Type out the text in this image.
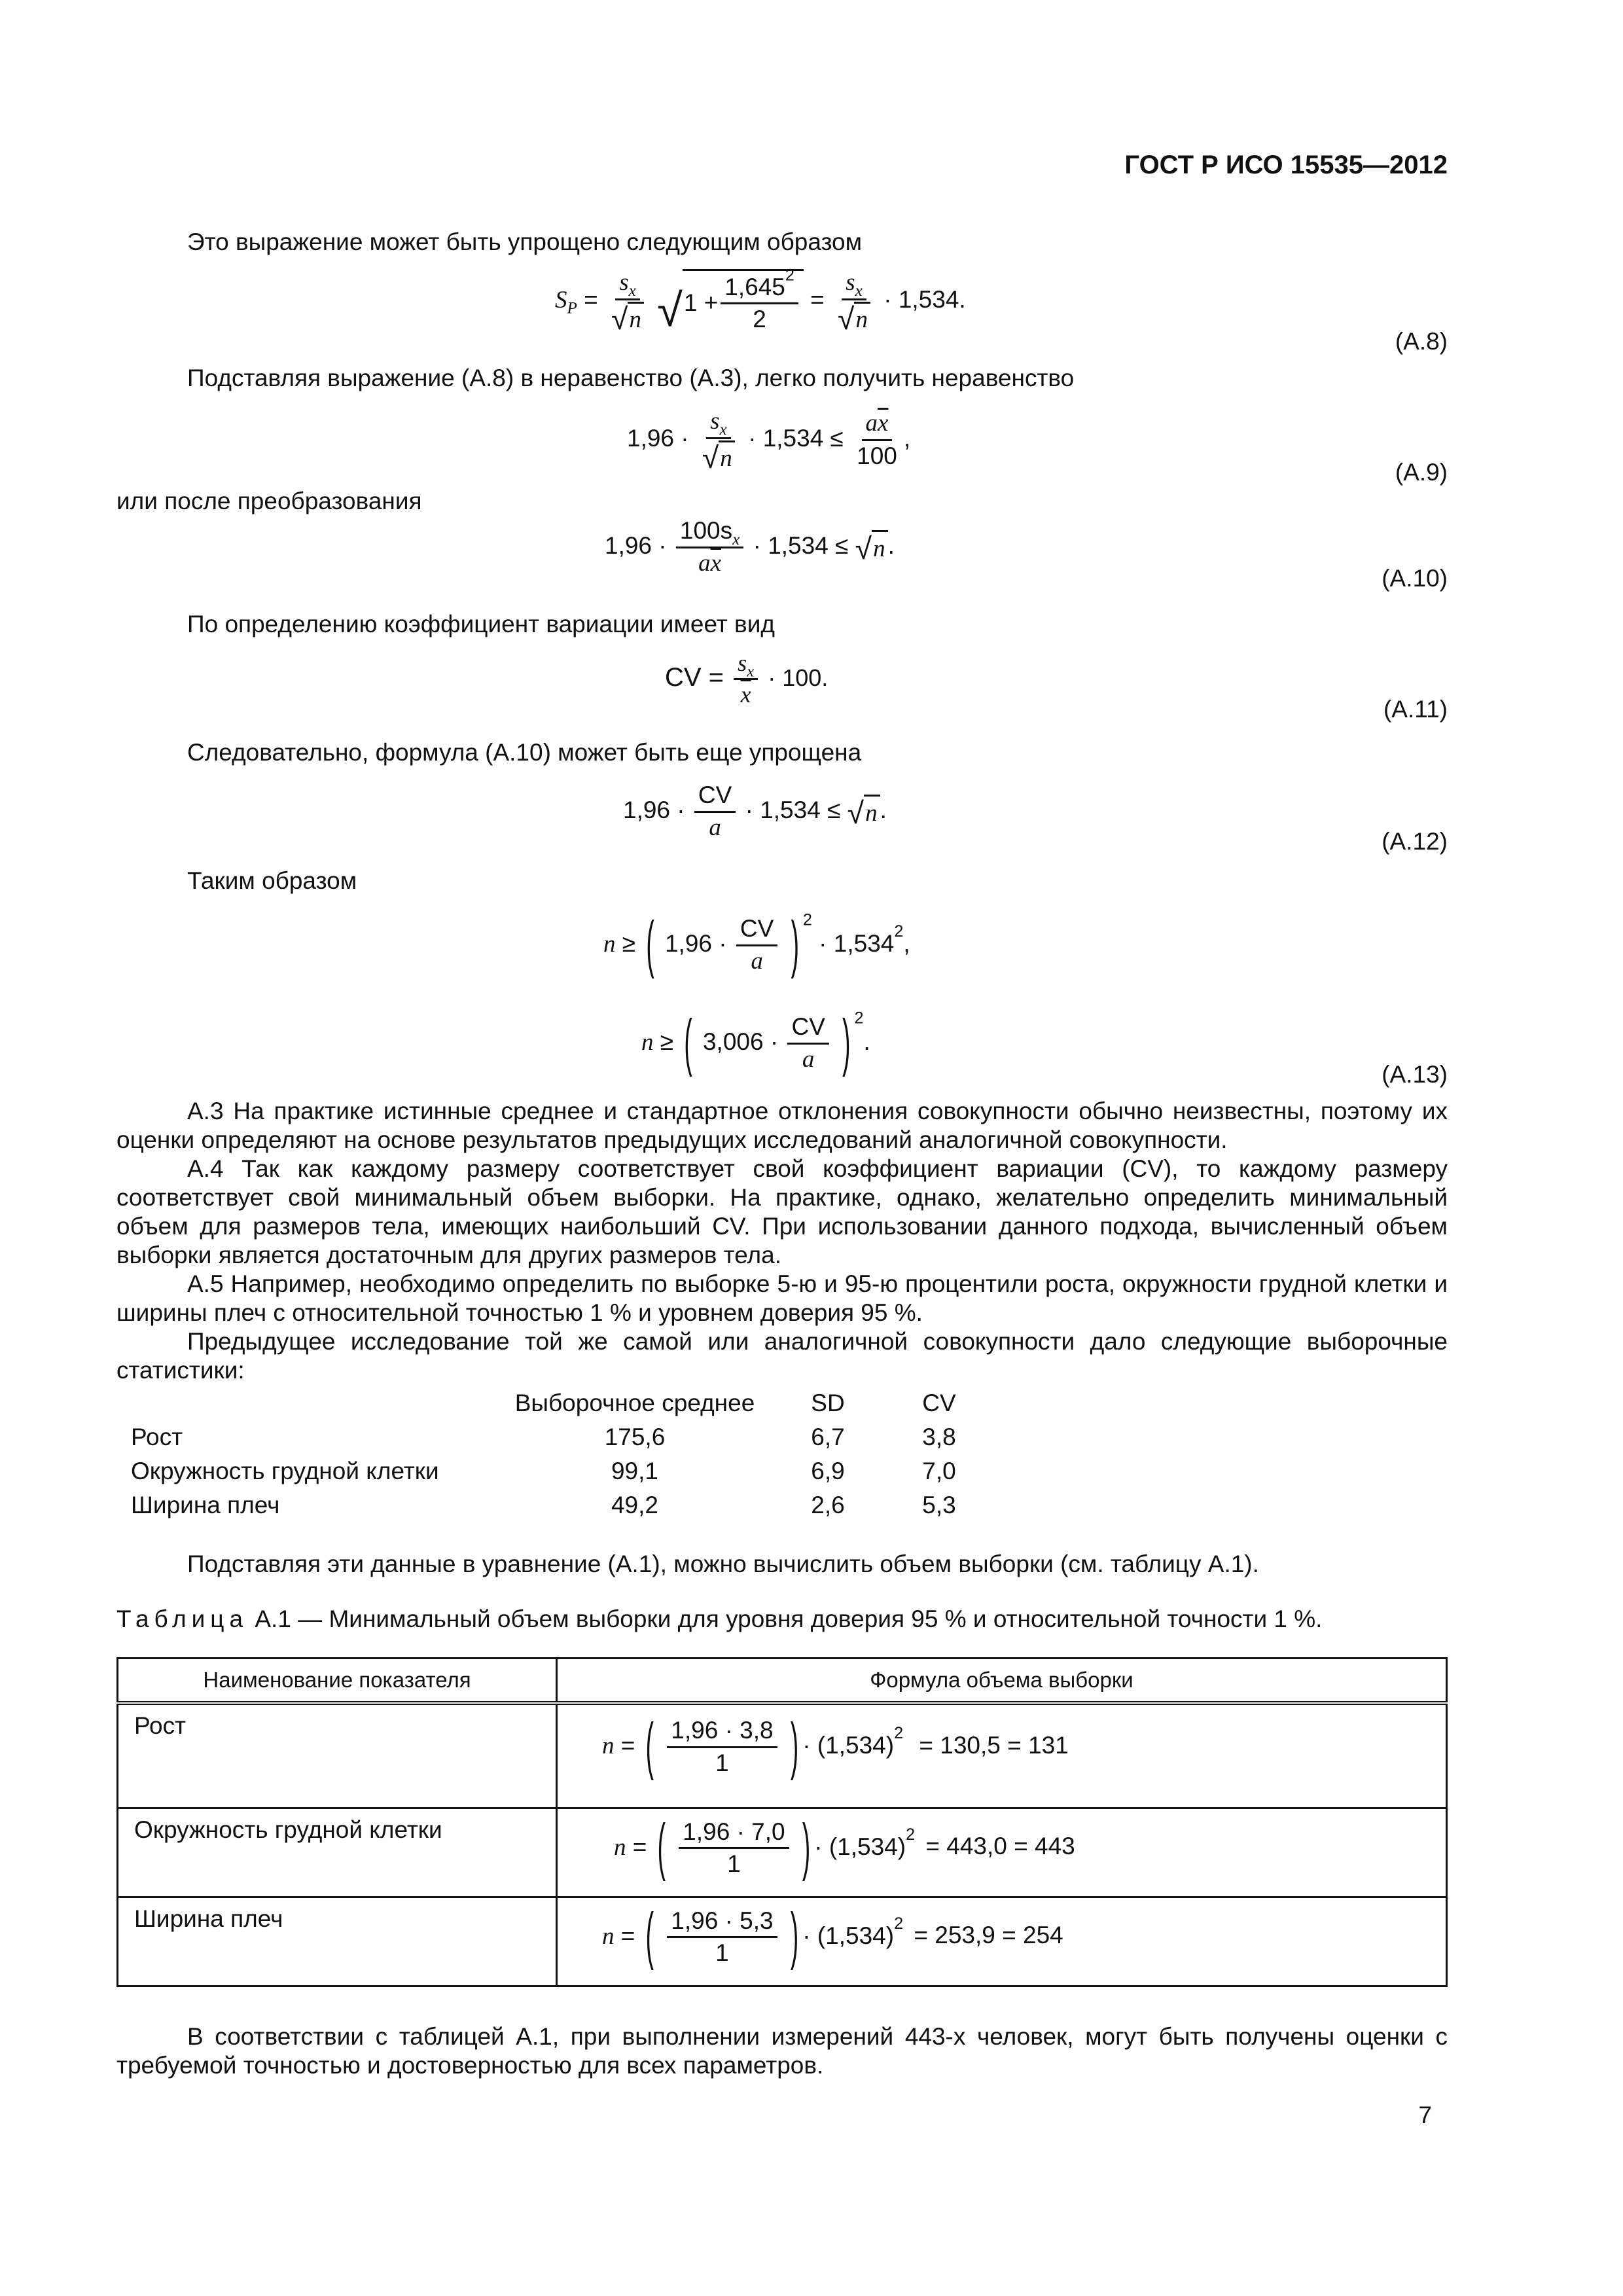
ГОСТ Р ИСО 15535—2012
Это выражение может быть упрощено следующим образом
$S_P = \frac{s_x}{√ n}$
√ $1 + \frac{1,645^2}{2} = \frac{s_x}{√ n} \cdot 1,534$.
(А.8)
Подставляя выражение (А.8) в неравенство (А.3), легко получить неравенство
$1,96 \cdot \frac{s_x}{√ n} \cdot 1,534 \le \frac{a\overline{x}}{100}$ ,
(А.9)
или после преобразования
$1,96 \cdot \frac{100s_x}{a\overline{x}} \cdot 1,534$ ≤ √ n .
(А.10)
По определению коэффициент вариации имеет вид
CV = $\frac{s_x}{x} \cdot 100$.
(А.11)
Следовательно, формула (А.10) может быть еще упрощена
$1,96 \cdot \frac{CV}{a} \cdot 1,534$ ≤ √ n .
(А.12)
Таким образом
n ≥ ( $1,96 \cdot \frac{CV}{a}$ ) $^2 \cdot 1,534^2$,
n ≥ ( $3,006 \cdot \frac{CV}{a}$ ) $^2$.
(А.13)
А.3 На практике истинные среднее и стандартное отклонения совокупности обычно неизвестны, поэтому их оценки определяют на основе результатов предыдущих исследований аналогичной совокупности.
А.4 Так как каждому размеру соответствует свой коэффициент вариации (CV), то каждому размеру соответствует свой минимальный объем выборки. На практике, однако, желательно определить минимальный объем для размеров тела, имеющих наибольший CV. При использовании данного подхода, вычисленный объем выборки является достаточным для других размеров тела.
А.5 Например, необходимо определить по выборке 5-ю и 95-ю процентили роста, окружности грудной клетки и ширины плеч с относительной точностью 1 % и уровнем доверия 95 %.
Предыдущее исследование той же самой или аналогичной совокупности дало следующие выборочные статистики:
	Выборочное среднее	SD	CV
Рост	175,6	6,7	3,8
Окружность грудной клетки	99,1	6,9	7,0
Ширина плеч	49,2	2,6	5,3
Подставляя эти данные в уравнение (А.1), можно вычислить объем выборки (см. таблицу А.1).
Таблица А.1 — Минимальный объем выборки для уровня доверия 95 % и относительной точности 1 %.
Наименование показателя	Формула объема выборки
Рост	n = ( $\frac{1,96 \cdot 3,8}{1}$ ) · $(1,534)^2 = 130,5 = 131$

Окружность грудной клетки	n = ( $\frac{1,96 \cdot 7,0}{1}$ ) · $(1,534)^2 = 443,0 = 443$

Ширина плеч	n = ( $\frac{1,96 \cdot 5,3}{1}$ ) · $(1,534)^2 = 253,9 = 254$
В соответствии с таблицей А.1, при выполнении измерений 443-х человек, могут быть получены оценки с требуемой точностью и достоверностью для всех параметров.
7
